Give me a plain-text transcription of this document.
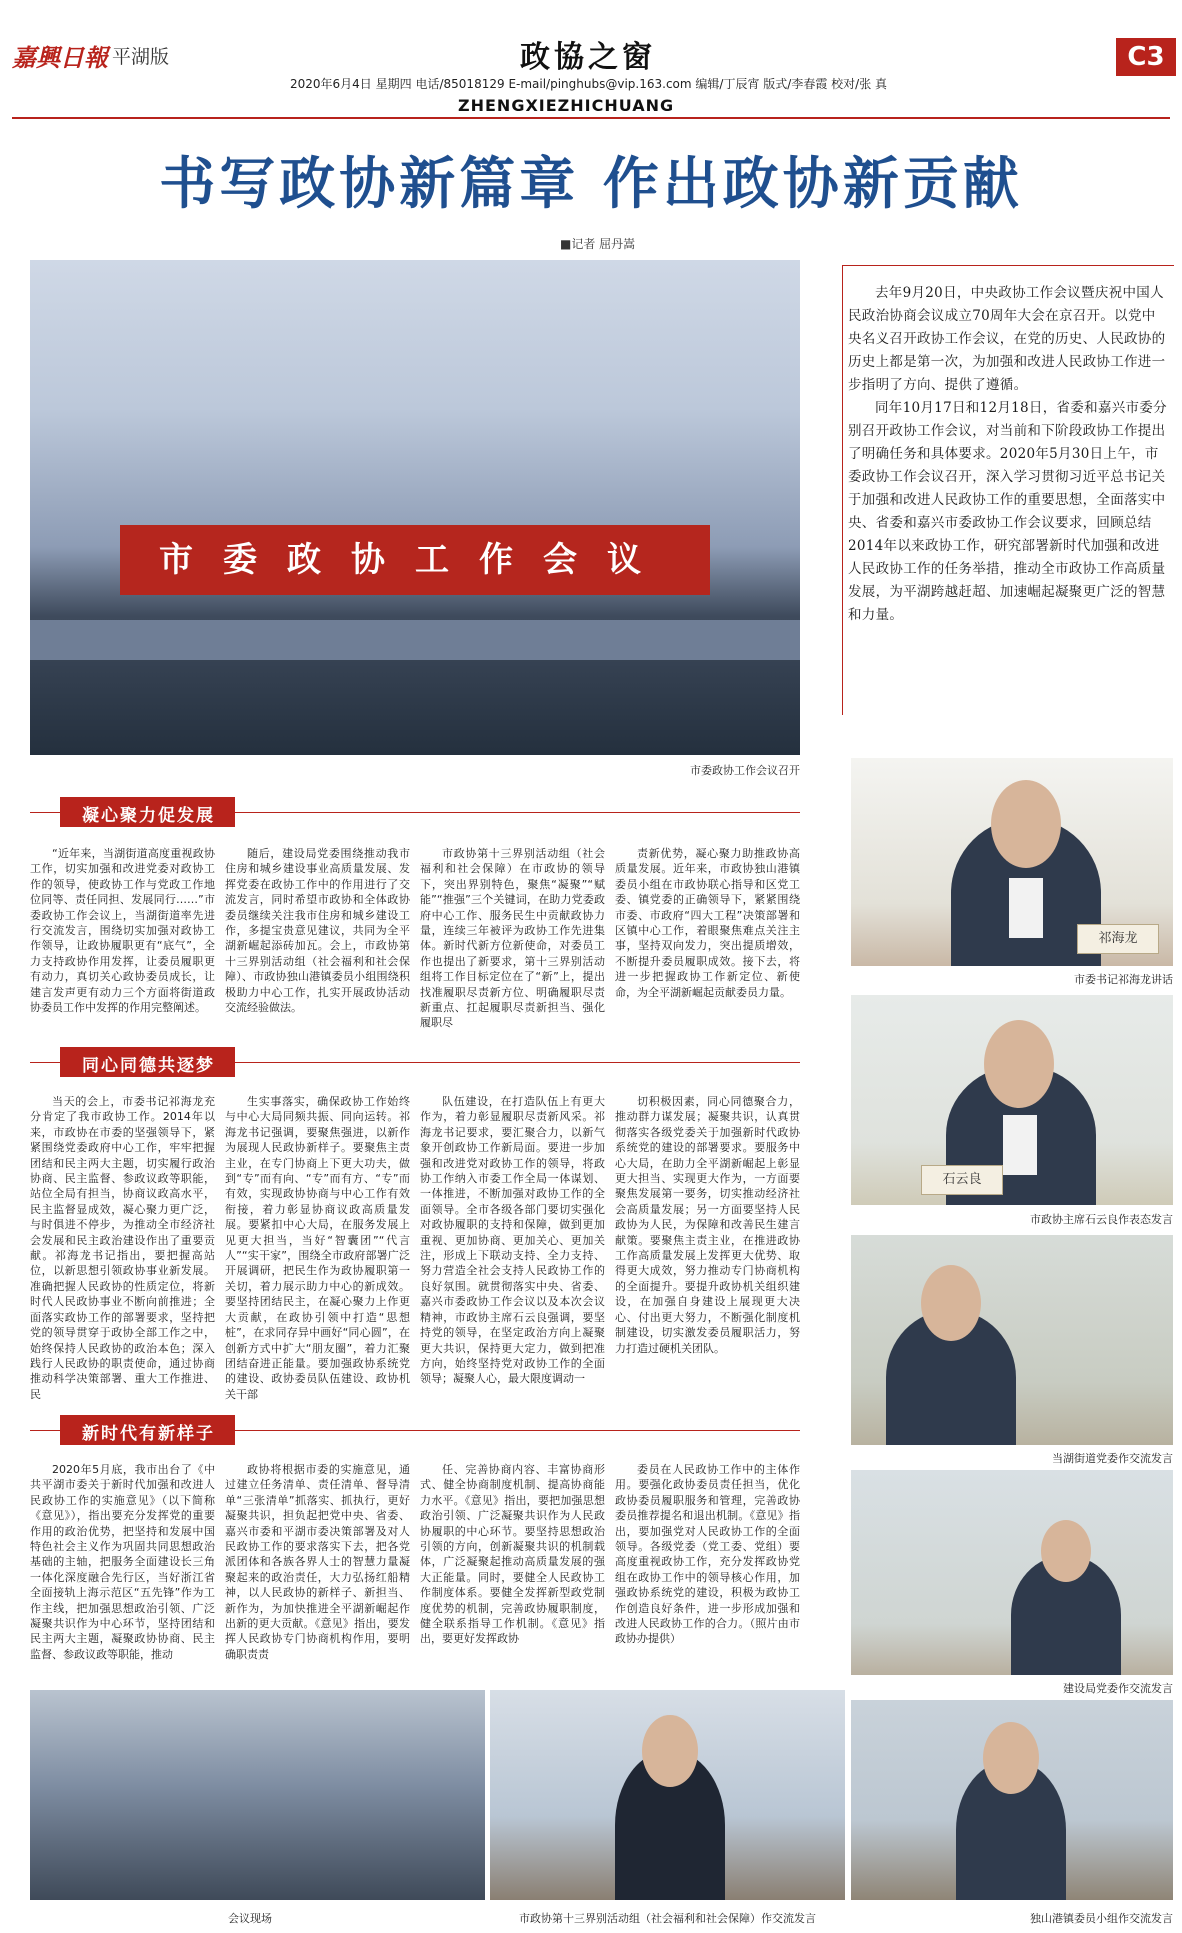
嘉興日報 平湖版	政協之窗	C3
2020年6月4日 星期四 电话/85018129 E-mail/pinghubs@vip.163.com 编辑/丁辰宵 版式/李春霞 校对/张 真
ZHENGXIEZHICHUANG
书写政协新篇章 作出政协新贡献
■记者 屈丹嵩
市委政协工作会议
市委政协工作会议召开

去年9月20日，中央政协工作会议暨庆祝中国人民政治协商会议成立70周年大会在京召开。以党中央名义召开政协工作会议，在党的历史、人民政协的历史上都是第一次，为加强和改进人民政协工作进一步指明了方向、提供了遵循。

同年10月17日和12月18日，省委和嘉兴市委分别召开政协工作会议，对当前和下阶段政协工作提出了明确任务和具体要求。2020年5月30日上午，市委政协工作会议召开，深入学习贯彻习近平总书记关于加强和改进人民政协工作的重要思想，全面落实中央、省委和嘉兴市委政协工作会议要求，回顾总结2014年以来政协工作，研究部署新时代加强和改进人民政协工作的任务举措，推动全市政协工作高质量发展，为平湖跨越赶超、加速崛起凝聚更广泛的智慧和力量。

凝心聚力促发展

“近年来，当湖街道高度重视政协工作，切实加强和改进党委对政协工作的领导，使政协工作与党政工作地位同等、责任同担、发展同行……”市委政协工作会议上，当湖街道率先进行交流发言，围绕切实加强对政协工作领导，让政协履职更有“底气”，全力支持政协作用发挥，让委员履职更有动力，真切关心政协委员成长，让建言发声更有动力三个方面将街道政协委员工作中发挥的作用完整阐述。

随后，建设局党委围绕推动我市住房和城乡建设事业高质量发展、发挥党委在政协工作中的作用进行了交流发言，同时希望市政协和全体政协委员继续关注我市住房和城乡建设工作，多提宝贵意见建议，共同为全平湖新崛起添砖加瓦。会上，市政协第十三界别活动组（社会福利和社会保障）、市政协独山港镇委员小组围绕积极助力中心工作，扎实开展政协活动交流经验做法。

市政协第十三界别活动组（社会福利和社会保障）在市政协的领导下，突出界别特色，聚焦“凝聚”“赋能”“推强”三个关键词，在助力党委政府中心工作、服务民生中贡献政协力量，连续三年被评为政协工作先进集体。新时代新方位新使命，对委员工作也提出了新要求，第十三界别活动组将工作目标定位在了“新”上，提出找准履职尽责新方位、明确履职尽责新重点、扛起履职尽责新担当、强化履职尽

责新优势，凝心聚力助推政协高质量发展。近年来，市政协独山港镇委员小组在市政协联心指导和区党工委、镇党委的正确领导下，紧紧围绕市委、市政府“四大工程”决策部署和区镇中心工作，着眼聚焦难点关注主事，坚持双向发力，突出提质增效，不断提升委员履职成效。接下去，将进一步把握政协工作新定位、新使命，为全平湖新崛起贡献委员力量。

同心同德共逐梦

当天的会上，市委书记祁海龙充分肯定了我市政协工作。2014年以来，市政协在市委的坚强领导下，紧紧围绕党委政府中心工作，牢牢把握团结和民主两大主题，切实履行政治协商、民主监督、参政议政等职能，站位全局有担当，协商议政高水平，民主监督显成效，凝心聚力更广泛，与时俱进不停步，为推动全市经济社会发展和民主政治建设作出了重要贡献。祁海龙书记指出，要把握高站位，以新思想引领政协事业新发展。准确把握人民政协的性质定位，将新时代人民政协事业不断向前推进；全面落实政协工作的部署要求，坚持把党的领导贯穿于政协全部工作之中，始终保持人民政协的政治本色；深入践行人民政协的职责使命，通过协商推动科学决策部署、重大工作推进、民

生实事落实，确保政协工作始终与中心大局同频共振、同向运转。祁海龙书记强调，要聚焦强进，以新作为展现人民政协新样子。要聚焦主责主业，在专门协商上下更大功夫，做到“专”而有向、“专”而有方、“专”而有效，实现政协协商与中心工作有效衔接，着力彰显协商议政高质量发展。要紧扣中心大局，在服务发展上见更大担当，当好“智囊团”“代言人”“实干家”，围绕全市政府部署广泛开展调研，把民生作为政协履职第一关切，着力展示助力中心的新成效。要坚持团结民主，在凝心聚力上作更大贡献，在政协引领中打造“思想桩”，在求同存异中画好“同心圆”，在创新方式中扩大“朋友圈”，着力汇聚团结奋进正能量。要加强政协系统党的建设、政协委员队伍建设、政协机关干部

队伍建设，在打造队伍上有更大作为，着力彰显履职尽责新风采。祁海龙书记要求，要汇聚合力，以新气象开创政协工作新局面。要进一步加强和改进党对政协工作的领导，将政协工作纳入市委工作全局一体谋划、一体推进，不断加强对政协工作的全面领导。全市各级各部门要切实强化对政协履职的支持和保障，做到更加重视、更加协商、更加关心、更加关注，形成上下联动支持、全力支持、努力营造全社会支持人民政协工作的良好氛围。就贯彻落实中央、省委、嘉兴市委政协工作会议以及本次会议精神，市政协主席石云良强调，要坚持党的领导，在坚定政治方向上凝聚更大共识，保持更大定力，做到把准方向，始终坚持党对政协工作的全面领导；凝聚人心，最大限度调动一

切积极因素，同心同德聚合力，推动群力谋发展；凝聚共识，认真贯彻落实各级党委关于加强新时代政协系统党的建设的部署要求。要服务中心大局，在助力全平湖新崛起上彰显更大担当、实现更大作为，一方面要聚焦发展第一要务，切实推动经济社会高质量发展；另一方面要坚持人民政协为人民，为保障和改善民生建言献策。要聚焦主责主业，在推进政协工作高质量发展上发挥更大优势、取得更大成效，努力推动专门协商机构的全面提升。要提升政协机关组织建设，在加强自身建设上展现更大决心、付出更大努力，不断强化制度机制建设，切实激发委员履职活力，努力打造过硬机关团队。

新时代有新样子

2020年5月底，我市出台了《中共平湖市委关于新时代加强和改进人民政协工作的实施意见》（以下简称《意见》），指出要充分发挥党的重要作用的政治优势，把坚持和发展中国特色社会主义作为巩固共同思想政治基础的主轴，把服务全面建设长三角一体化深度融合先行区，当好浙江省全面接轨上海示范区“五先锋”作为工作主线，把加强思想政治引领、广泛凝聚共识作为中心环节，坚持团结和民主两大主题，凝聚政协协商、民主监督、参政议政等职能，推动

政协将根据市委的实施意见，通过建立任务清单、责任清单、督导清单“三张清单”抓落实、抓执行，更好凝聚共识，担负起把党中央、省委、嘉兴市委和平湖市委决策部署及对人民政协工作的要求落实下去，把各党派团体和各族各界人士的智慧力量凝聚起来的政治责任，大力弘扬红船精神，以人民政协的新样子、新担当、新作为，为加快推进全平湖新崛起作出新的更大贡献。《意见》指出，要发挥人民政协专门协商机构作用，要明确职责责

任、完善协商内容、丰富协商形式、健全协商制度机制、提高协商能力水平。《意见》指出，要把加强思想政治引领、广泛凝聚共识作为人民政协履职的中心环节。要坚持思想政治引领的方向，创新凝聚共识的机制载体，广泛凝聚起推动高质量发展的强大正能量。同时，要健全人民政协工作制度体系。要健全发挥新型政党制度优势的机制，完善政协履职制度，健全联系指导工作机制。《意见》指出，要更好发挥政协

委员在人民政协工作中的主体作用。要强化政协委员责任担当，优化政协委员履职服务和管理，完善政协委员推荐提名和退出机制。《意见》指出，要加强党对人民政协工作的全面领导。各级党委（党工委、党组）要高度重视政协工作，充分发挥政协党组在政协工作中的领导核心作用，加强政协系统党的建设，积极为政协工作创造良好条件，进一步形成加强和改进人民政协工作的合力。（照片由市政协办提供）

祁海龙
市委书记祁海龙讲话
石云良
市政协主席石云良作表态发言
当湖街道党委作交流发言
建设局党委作交流发言
会议现场	市政协第十三界别活动组（社会福利和社会保障）作交流发言	独山港镇委员小组作交流发言
